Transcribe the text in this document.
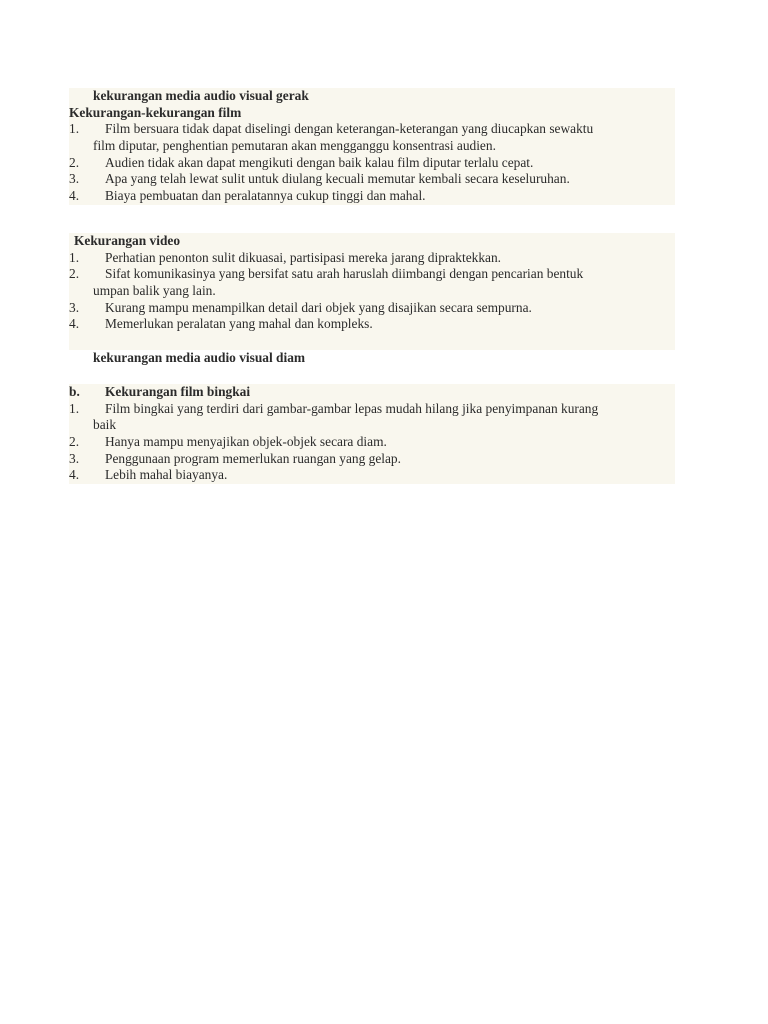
kekurangan media audio visual gerak
Kekurangan-kekurangan film
1. Film bersuara tidak dapat diselingi dengan keterangan-keterangan yang diucapkan sewaktu
film diputar, penghentian pemutaran akan mengganggu konsentrasi audien.
2. Audien tidak akan dapat mengikuti dengan baik kalau film diputar terlalu cepat.
3. Apa yang telah lewat sulit untuk diulang kecuali memutar kembali secara keseluruhan.
4. Biaya pembuatan dan peralatannya cukup tinggi dan mahal.
Kekurangan video
1. Perhatian penonton sulit dikuasai, partisipasi mereka jarang dipraktekkan.
2. Sifat komunikasinya yang bersifat satu arah haruslah diimbangi dengan pencarian bentuk
umpan balik yang lain.
3. Kurang mampu menampilkan detail dari objek yang disajikan secara sempurna.
4. Memerlukan peralatan yang mahal dan kompleks.
kekurangan media audio visual diam
b. Kekurangan film bingkai
1. Film bingkai yang terdiri dari gambar-gambar lepas mudah hilang jika penyimpanan kurang
baik
2. Hanya mampu menyajikan objek-objek secara diam.
3. Penggunaan program memerlukan ruangan yang gelap.
4. Lebih mahal biayanya.
